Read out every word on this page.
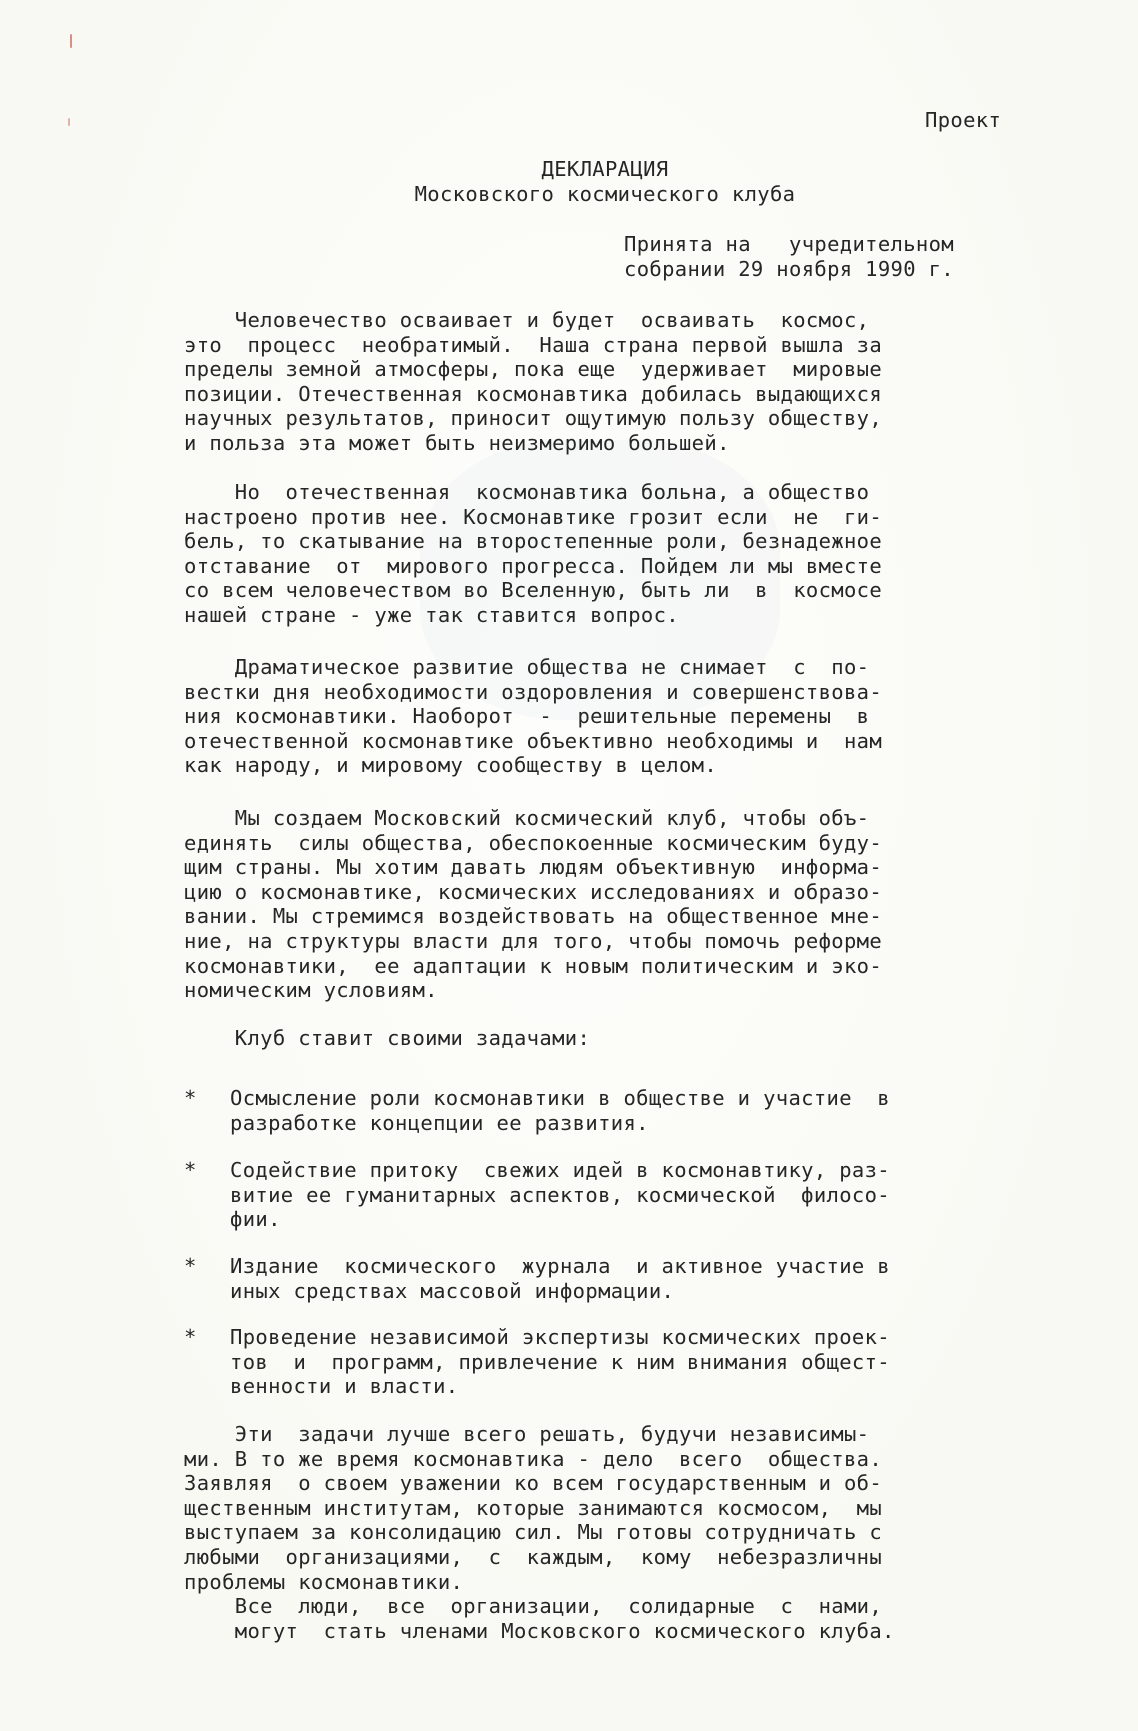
Проект
ДЕКЛАРАЦИЯ
Московского космического клуба
Принята на   учредительном
собрании 29 ноября 1990 г.
Человечество осваивает и будет  осваивать  космос,
это  процесс  необратимый.  Наша страна первой вышла за
пределы земной атмосферы, пока еще  удерживает  мировые
позиции. Отечественная космонавтика добилась выдающихся
научных результатов, приносит ощутимую пользу обществу,
и польза эта может быть неизмеримо большей.
Но  отечественная  космонавтика больна, а общество
настроено против нее. Космонавтике грозит если  не  ги-
бель, то скатывание на второстепенные роли, безнадежное
отставание  от  мирового прогресса. Пойдем ли мы вместе
со всем человечеством во Вселенную, быть ли  в  космосе
нашей стране - уже так ставится вопрос.
Драматическое развитие общества не снимает  с  по-
вестки дня необходимости оздоровления и совершенствова-
ния космонавтики. Наоборот  -  решительные перемены  в
отечественной космонавтике объективно необходимы и  нам
как народу, и мировому сообществу в целом.
Мы создаем Московский космический клуб, чтобы объ-
единять  силы общества, обеспокоенные космическим буду-
щим страны. Мы хотим давать людям объективную  информа-
цию о космонавтике, космических исследованиях и образо-
вании. Мы стремимся воздействовать на общественное мне-
ние, на структуры власти для того, чтобы помочь реформе
космонавтики,  ее адаптации к новым политическим и эко-
номическим условиям.
Клуб ставит своими задачами:
* Осмысление роли космонавтики в обществе и участие  в
разработке концепции ее развития.
* Содействие притоку  свежих идей в космонавтику, раз-
витие ее гуманитарных аспектов, космической  филосо-
фии.
* Издание  космического  журнала  и активное участие в
иных средствах массовой информации.
* Проведение независимой экспертизы космических проек-
тов  и  программ, привлечение к ним внимания общест-
венности и власти.
Эти  задачи лучше всего решать, будучи независимы-
ми. В то же время космонавтика - дело  всего  общества.
Заявляя  о своем уважении ко всем государственным и об-
щественным институтам, которые занимаются космосом,  мы
выступаем за консолидацию сил. Мы готовы сотрудничать с
любыми  организациями,  с  каждым,  кому  небезразличны
проблемы космонавтики.
Все  люди,  все  организации,  солидарные  с  нами,
могут  стать членами Московского космического клуба.
